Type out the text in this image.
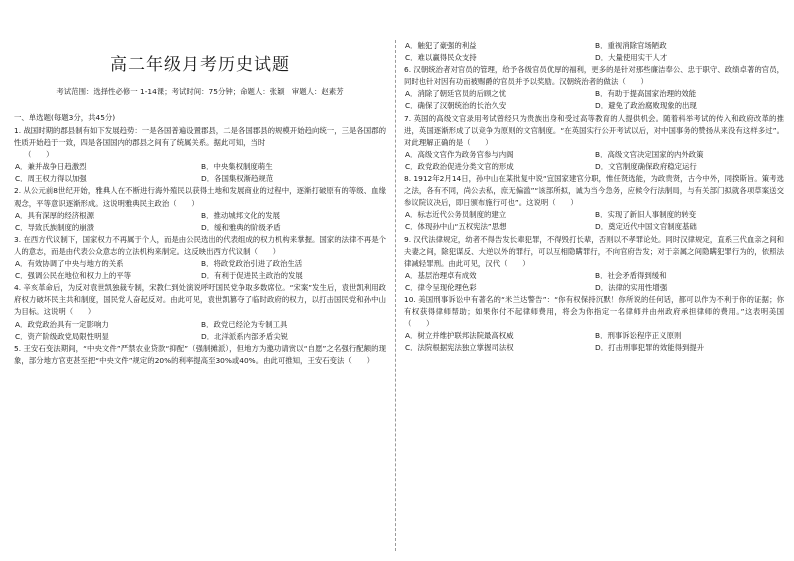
高二年级月考历史试题
考试范围：选择性必修一 1-14课；考试时间：75分钟；命题人：张颖　审题人：赵素芳
一、单选题(每题3分，共45分)
1. 战国时期的郡县制有如下发展趋势：一是各国普遍设置郡县，二是各国郡县的规模开始趋向统一，三是各国郡的性质开始趋于一致，四是各国国内的郡县之间有了统属关系。据此可知，当时
（　　）
A．兼并战争日趋激烈	B．中央集权制度萌生
C．周王权力得以加强	D．各国集权渐趋规范
2. 从公元前8世纪开始，雅典人在不断进行海外殖民以获得土地和发展商业的过程中，逐渐打破原有的等级、血缘观念，平等意识逐渐形成。这说明雅典民主政治（　　）
A．具有深厚的经济根源	B．推动城邦文化的发展
C．导致氏族制度的崩溃	D．缓和雅典的阶级矛盾
3. 在西方代议制下，国家权力不再属于个人，而是由公民选出的代表组成的权力机构来掌握。国家的法律不再是个人的意志，而是由代表公众意志的立法机构来制定。这反映出西方代议制（　　）
A．有效协调了中央与地方的关系	B．将政党政治引进了政治生活
C．强调公民在地位和权力上的平等	D．有利于促进民主政治的发展
4. 辛亥革命后，为反对袁世凯独裁专制，宋教仁到处演说呼吁国民党争取多数席位。“宋案”发生后，袁世凯利用政府权力破坏民主共和制度，国民党人奋起反对。由此可见，袁世凯篡夺了临时政府的权力，以打击国民党和孙中山为目标。这说明（　　）
A．政党政治具有一定影响力	B．政党已经沦为专制工具
C．资产阶级政党局限性明显	D．北洋派系内部矛盾尖锐
5. 王安石变法期间，“中央文件”严禁农业贷款“抑配”（强制摊派），但地方为邀功请赏以“自愿”之名强行配额的现象，部分地方官吏甚至把“中央文件”规定的20%的利率提高至30%或40%。由此可推知，王安石变法（　　）
A．触犯了豪强的利益	B．重视消除官场陋政
C．难以赢得民众支持	D．大量使用实干人才
6. 汉朝统治者对官员的管理，给予各级官员优厚的福利，更多的是针对那些廉洁奉公、忠于职守、政绩卓著的官员，同时也针对因有功而被赐爵的官员并予以奖励。汉朝统治者的做法（　　）
A．消除了朝廷官员的后顾之忧	B．有助于提高国家治理的效能
C．确保了汉朝统治的长治久安	D．避免了政治腐败现象的出现
7. 英国的高级文官录用考试曾经只为贵族出身和受过高等教育的人提供机会。随着科举考试的传入和政府改革的推进，英国逐渐形成了以竞争为原则的文官制度。“在英国实行公开考试以后，对中国事务的赞扬从来没有这样多过”。对此理解正确的是（　　）
A．高级文官作为政务官参与内阁	B．高级文官决定国家的内外政策
C．政党政治促进分类文官的形成	D．文官制度确保政府稳定运行
8. 1912年2月14日，孙中山在某批复中说“宜国家建官分职，惟任贤选能，为政贵贤，古今中外，同揆斯旨。策考选之法，各有不同，尚公去私，庶无偏滥”“该部所拟，诚为当今急务，应候令行法制局，与有关部门拟就各项草案送交参议院议决后，即日颁布施行可也”。这说明（　　）
A．标志近代公务员制度的建立	B．实现了新旧人事制度的转变
C．体现孙中山“五权宪法”思想	D．奠定近代中国文官制度基础
9. 汉代法律规定，幼者不得告发长辈犯罪，不得毁打长辈，否则以不孝罪论处。同时汉律规定，直系三代血亲之间和夫妻之间，除犯谋反、大逆以外的罪行，可以互相隐瞒罪行，不向官府告发；对于亲属之间隐瞒犯罪行为的，依照法律减轻罪刑。由此可见，汉代（　　）
A．基层治理卓有成效	B．社会矛盾得到缓和
C．律令呈现伦理色彩	D．法律的实用性增强
10. 美国刑事诉讼中有著名的“米兰达警告”：“你有权保持沉默！你所说的任何话，都可以作为不利于你的证据；你有权获得律师帮助；如果你付不起律师费用，将会为你指定一名律师并由州政府承担律师的费用。”这表明美国（　　）
A．树立并维护联邦法院最高权威	B．刑事诉讼程序正义原则
C．法院根据宪法独立掌握司法权	D．打击刑事犯罪的效能得到提升
